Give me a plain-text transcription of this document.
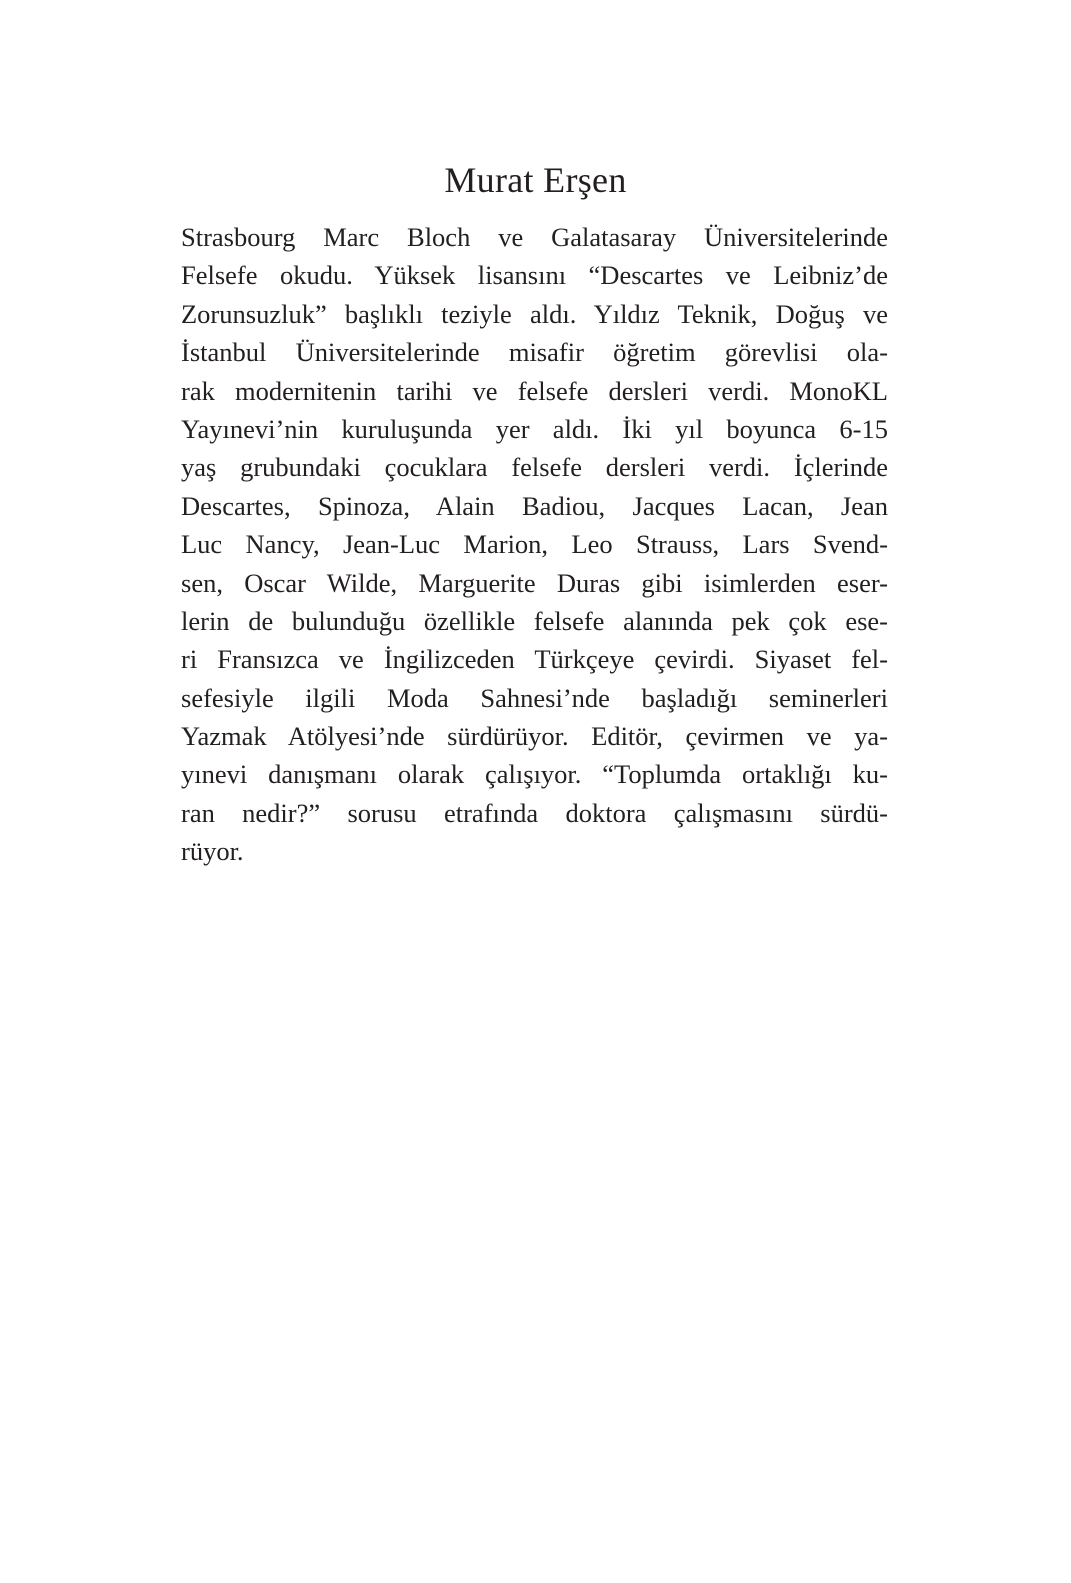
Murat Erşen
Strasbourg Marc Bloch ve Galatasaray Üniversitelerinde
Felsefe okudu. Yüksek lisansını “Descartes ve Leibniz’de
Zorunsuzluk” başlıklı teziyle aldı. Yıldız Teknik, Doğuş ve
İstanbul Üniversitelerinde misafir öğretim görevlisi ola-
rak modernitenin tarihi ve felsefe dersleri verdi. MonoKL
Yayınevi’nin kuruluşunda yer aldı. İki yıl boyunca 6-15
yaş grubundaki çocuklara felsefe dersleri verdi. İçlerinde
Descartes, Spinoza, Alain Badiou, Jacques Lacan, Jean
Luc Nancy, Jean-Luc Marion, Leo Strauss, Lars Svend-
sen, Oscar Wilde, Marguerite Duras gibi isimlerden eser-
lerin de bulunduğu özellikle felsefe alanında pek çok ese-
ri Fransızca ve İngilizceden Türkçeye çevirdi. Siyaset fel-
sefesiyle ilgili Moda Sahnesi’nde başladığı seminerleri
Yazmak Atölyesi’nde sürdürüyor. Editör, çevirmen ve ya-
yınevi danışmanı olarak çalışıyor. “Toplumda ortaklığı ku-
ran nedir?” sorusu etrafında doktora çalışmasını sürdü-
rüyor.
